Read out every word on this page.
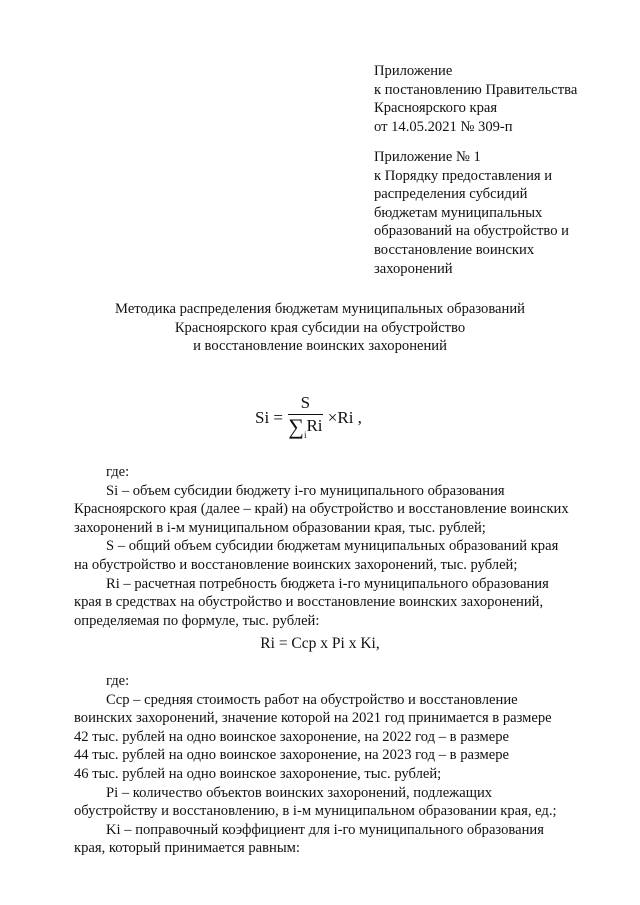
Приложение
к постановлению Правительства
Красноярского края
от 14.05.2021 № 309-п
Приложение № 1
к Порядку предоставления и
распределения субсидий
бюджетам муниципальных
образований на обустройство и
восстановление воинских
захоронений
Методика распределения бюджетам муниципальных образований
Красноярского края субсидии на обустройство
и восстановление воинских захоронений
$Si = \frac{S}{\sum_iRi} \times Ri$ ,

где:

Si – объем субсидии бюджету i-го муниципального образования
Красноярского края (далее – край) на обустройство и восстановление воинских
захоронений в i-м муниципальном образовании края, тыс. рублей;
S – общий объем субсидии бюджетам муниципальных образований края
на обустройство и восстановление воинских захоронений, тыс. рублей;
Ri – расчетная потребность бюджета i-го муниципального образования
края в средствах на обустройство и восстановление воинских захоронений,
определяемая по формуле, тыс. рублей:
Ri = Cср x Pi x Ki,

где:

Cср – средняя стоимость работ на обустройство и восстановление
воинских захоронений, значение которой на 2021 год принимается в размере
42 тыс. рублей на одно воинское захоронение, на 2022 год – в размере
44 тыс. рублей на одно воинское захоронение, на 2023 год – в размере
46 тыс. рублей на одно воинское захоронение, тыс. рублей;
Pi – количество объектов воинских захоронений, подлежащих
обустройству и восстановлению, в i-м муниципальном образовании края, ед.;
Ki – поправочный коэффициент для i-го муниципального образования
края, который принимается равным:
